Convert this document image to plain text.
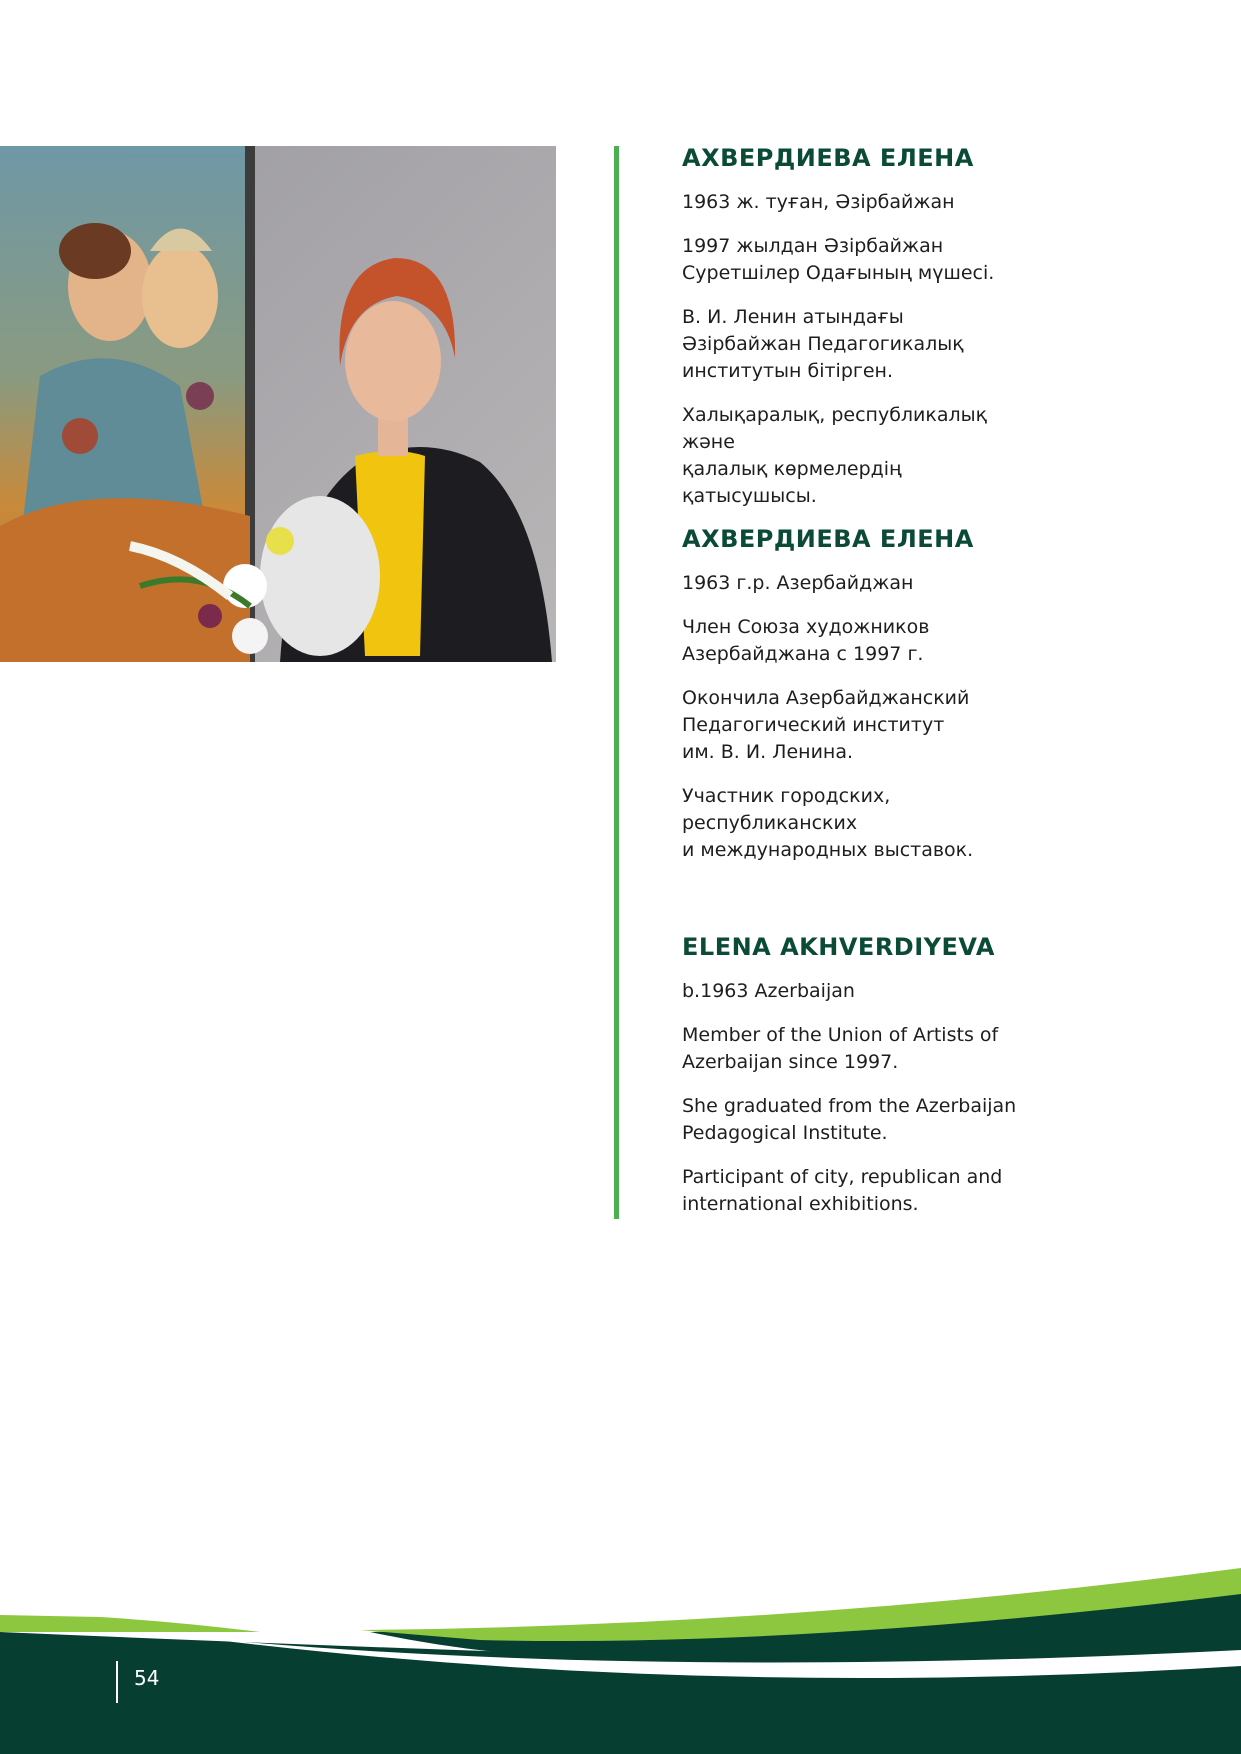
АХВЕРДИЕВА ЕЛЕНА

1963 ж. туған, Әзірбайжан

1997 жылдан Әзірбайжан
Суретшілер Одағының мүшесі.

В. И. Ленин атындағы
Әзірбайжан Педагогикалық
институтын бітірген.

Халықаралық, республикалық және
қалалық көрмелердің қатысушысы.

АХВЕРДИЕВА ЕЛЕНА

1963 г.р. Азербайджан

Член Союза художников
Азербайджана с 1997 г.

Окончила Азербайджанский
Педагогический институт
им. В. И. Ленина.

Участник городских,
республиканских
и международных выставок.

ELENA AKHVERDIYEVA

b.1963 Azerbaijan

Member of the Union of Artists of
Azerbaijan since 1997.

She graduated from the Azerbaijan
Pedagogical Institute.

Participant of city, republican and
international exhibitions.

54
